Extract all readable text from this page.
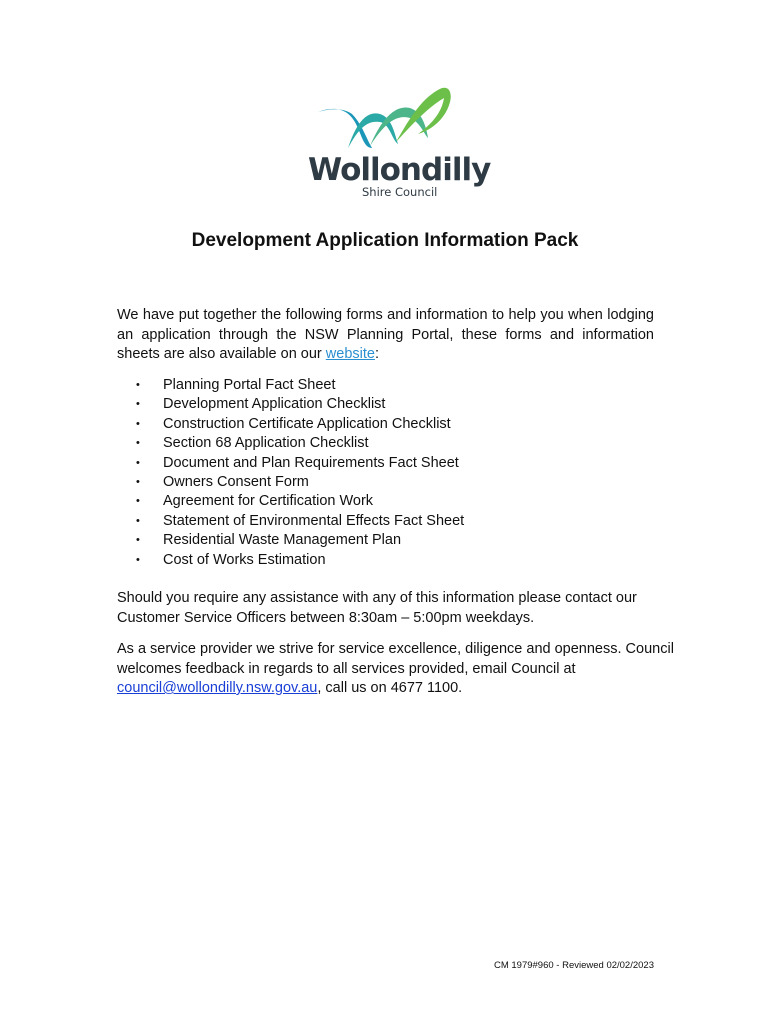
Wollondilly
Shire Council
Development Application Information Pack

We have put together the following forms and information to help you when lodging an application through the NSW Planning Portal, these forms and information sheets are also available on our website:

• Planning Portal Fact Sheet
• Development Application Checklist
• Construction Certificate Application Checklist
• Section 68 Application Checklist
• Document and Plan Requirements Fact Sheet
• Owners Consent Form
• Agreement for Certification Work
• Statement of Environmental Effects Fact Sheet
• Residential Waste Management Plan
• Cost of Works Estimation

Should you require any assistance with any of this information please contact our Customer Service Officers between 8:30am – 5:00pm weekdays.

As a service provider we strive for service excellence, diligence and openness. Council welcomes feedback in regards to all services provided, email Council at council@wollondilly.nsw.gov.au, call us on 4677 1100.

CM 1979#960 - Reviewed 02/02/2023
